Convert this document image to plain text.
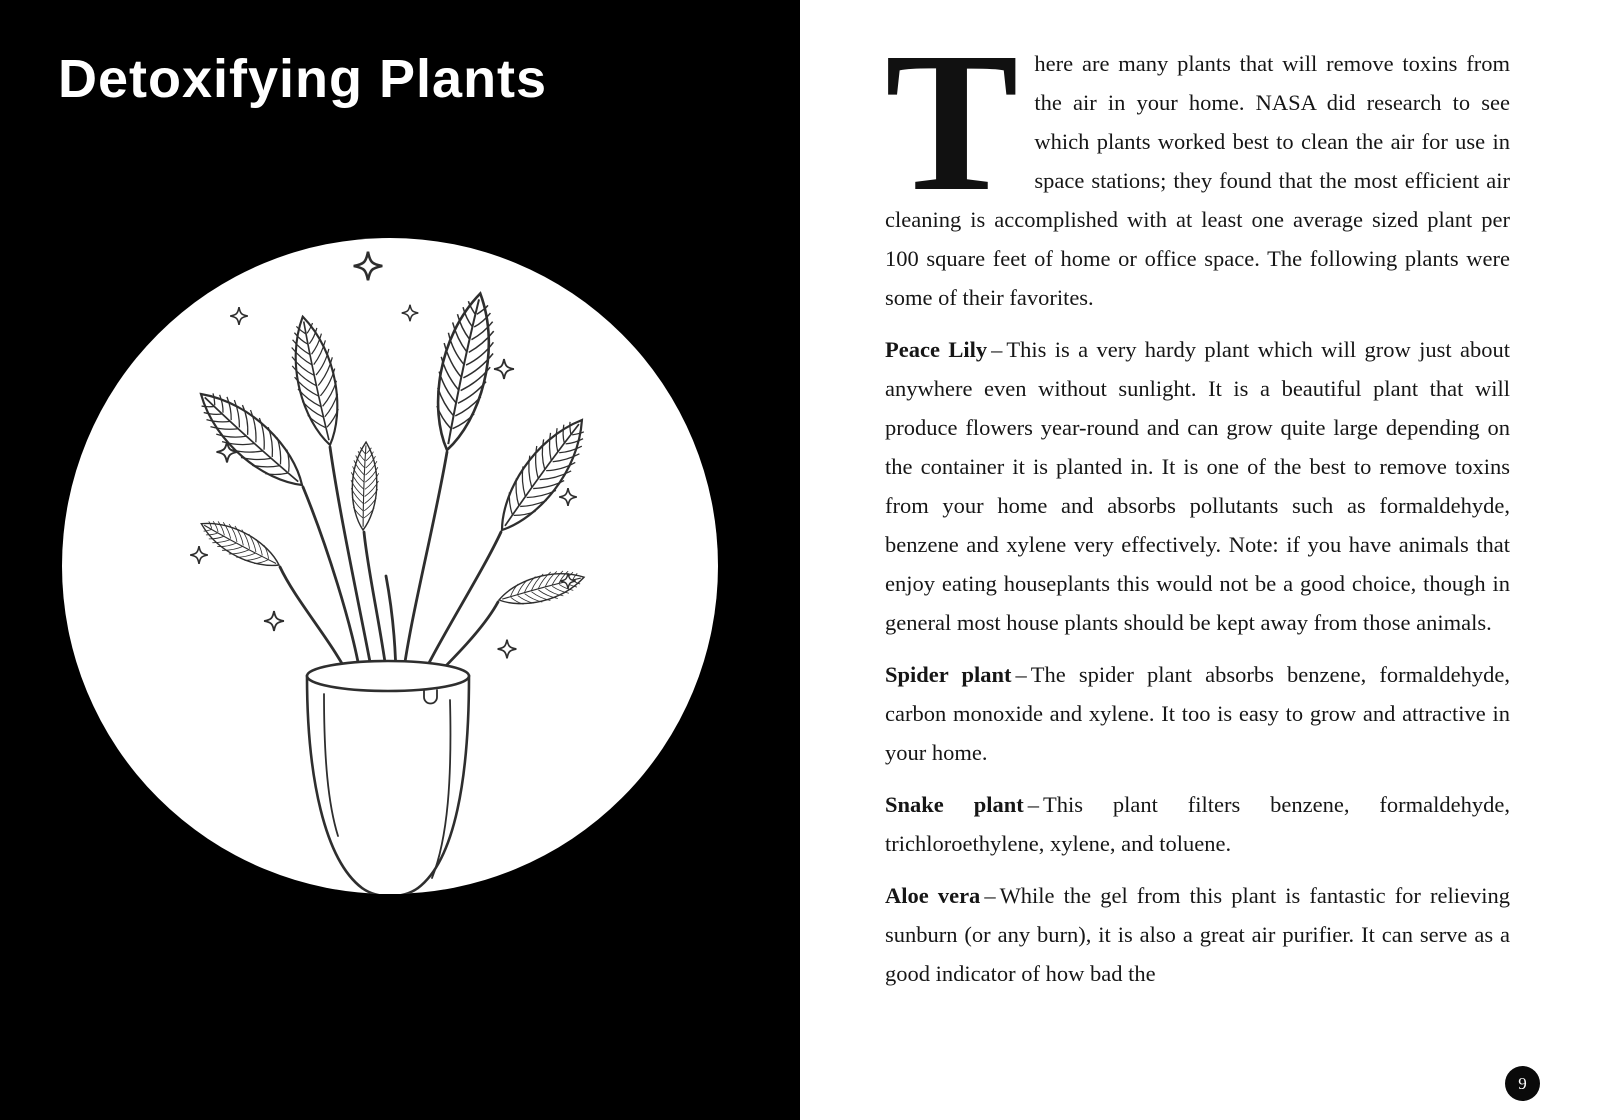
Detoxifying Plants There are many plants that will remove toxins from the air in your home. NASA did research to see which plants worked best to clean the air for use in space stations; they found that the most efficient air cleaning is accomplished with at least one average sized plant per 100 square feet of home or office space. The following plants were some of their favorites.

Peace Lily – This is a very hardy plant which will grow just about anywhere even without sunlight. It is a beautiful plant that will produce flowers year-round and can grow quite large depending on the container it is planted in. It is one of the best to remove toxins from your home and absorbs pollutants such as formaldehyde, benzene and xylene very effectively. Note: if you have animals that enjoy eating houseplants this would not be a good choice, though in general most house plants should be kept away from those animals.

Spider plant – The spider plant absorbs benzene, formaldehyde, carbon monoxide and xylene. It too is easy to grow and attractive in your home.

Snake plant – This plant filters benzene, formaldehyde, trichloroethylene, xylene, and toluene.

Aloe vera – While the gel from this plant is fantastic for relieving sunburn (or any burn), it is also a great air purifier. It can serve as a good indicator of how bad the

9
